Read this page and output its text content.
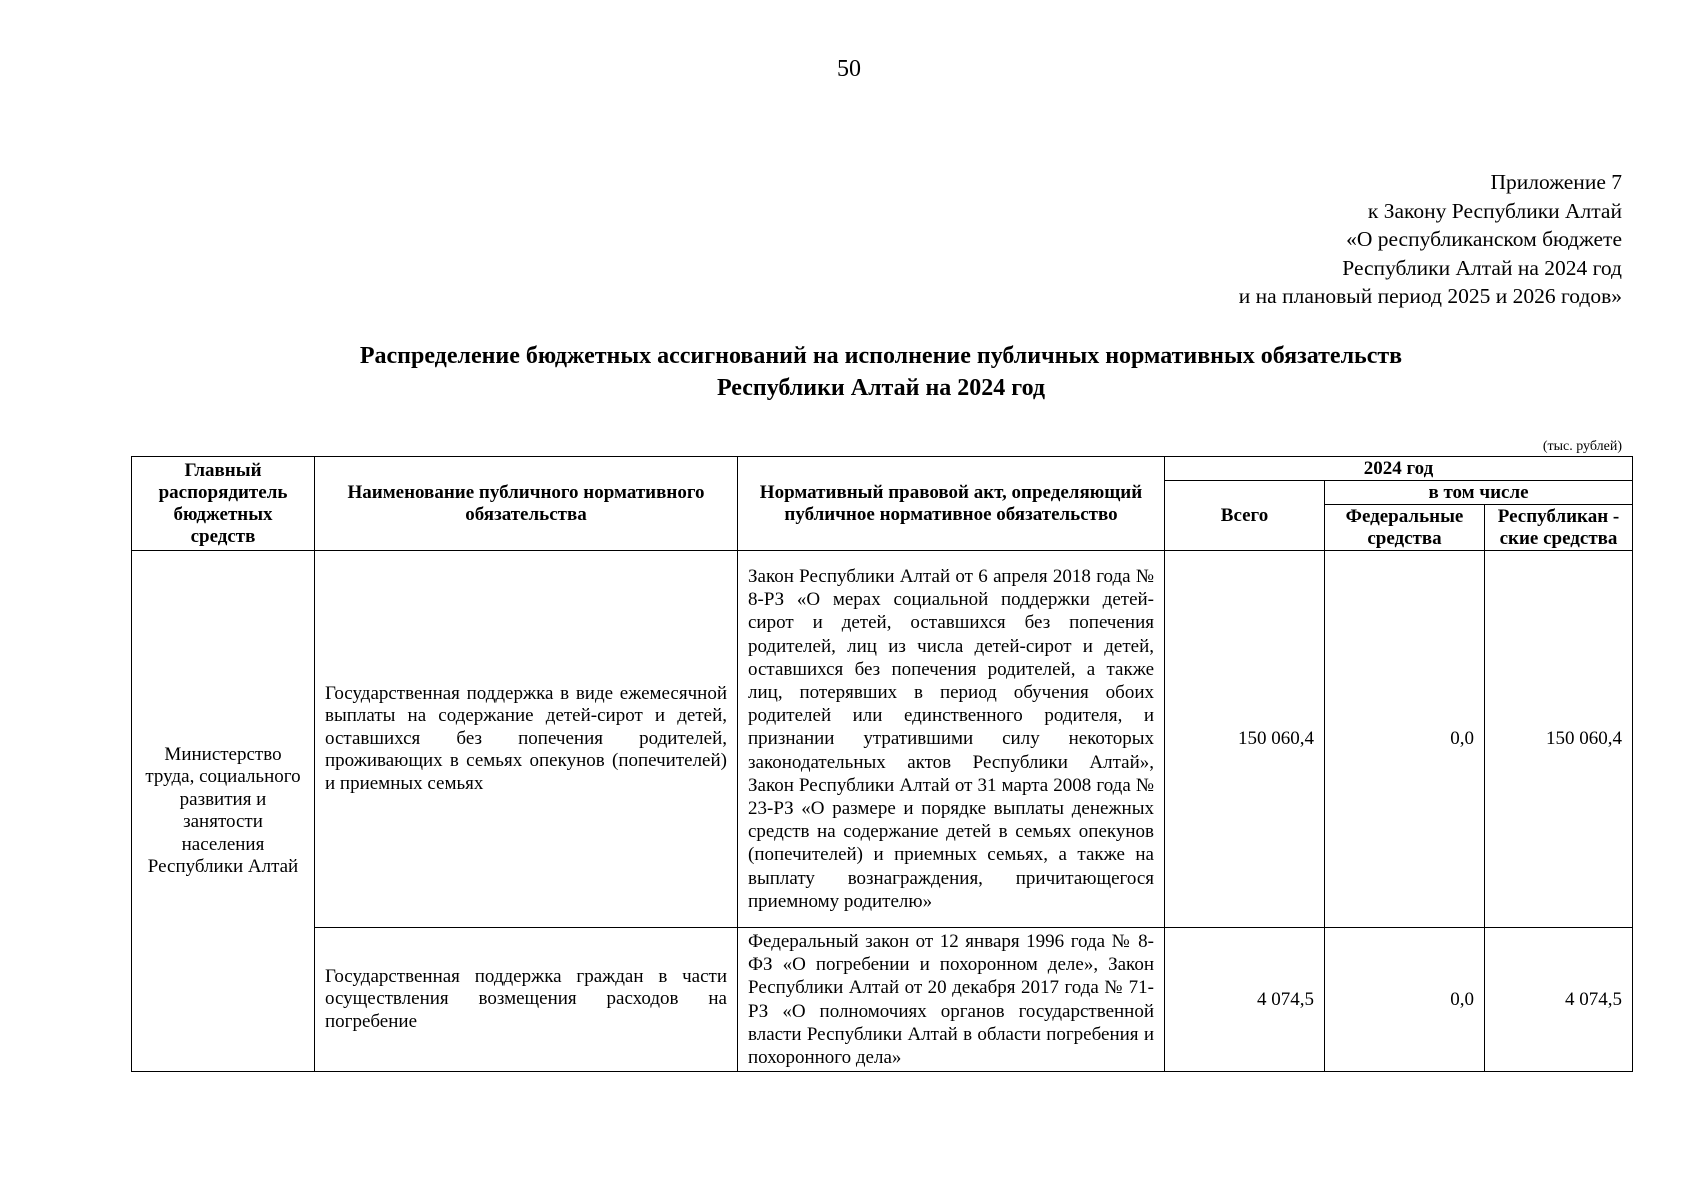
50
Приложение 7
к Закону Республики Алтай
«О республиканском бюджете
Республики Алтай на 2024 год
и на плановый период 2025 и 2026 годов»
Распределение бюджетных ассигнований на исполнение публичных нормативных обязательств
Республики Алтай на 2024 год
(тыс. рублей)
Главный распорядитель бюджетных средств	Наименование публичного нормативного обязательства	Нормативный правовой акт, определяющий публичное нормативное обязательство	2024 год		
			Всего	в том числе	
				Федеральные средства	Республикан - ские средства
Министерство труда, социального развития и занятости населения Республики Алтай	Государственная поддержка в виде ежемесячной выплаты на содержание детей-сирот и детей, оставшихся без попечения родителей, проживающих в семьях опекунов (попечителей) и приемных семьях	Закон Республики Алтай от 6 апреля 2018 года № 8-РЗ «О мерах социальной поддержки детей-сирот и детей, оставшихся без попечения родителей, лиц из числа детей-сирот и детей, оставшихся без попечения родителей, а также лиц, потерявших в период обучения обоих родителей или единственного родителя, и признании утратившими силу некоторых законодательных актов Республики Алтай», Закон Республики Алтай от 31 марта 2008 года № 23-РЗ «О размере и порядке выплаты денежных средств на содержание детей в семьях опекунов (попечителей) и приемных семьях, а также на выплату вознаграждения, причитающегося приемному родителю»	150 060,4	0,0	150 060,4
	Государственная поддержка граждан в части осуществления возмещения расходов на погребение	Федеральный закон от 12 января 1996 года № 8-ФЗ «О погребении и похоронном деле», Закон Республики Алтай от 20 декабря 2017 года № 71-РЗ «О полномочиях органов государственной власти Республики Алтай в области погребения и похоронного дела»	4 074,5	0,0	4 074,5
